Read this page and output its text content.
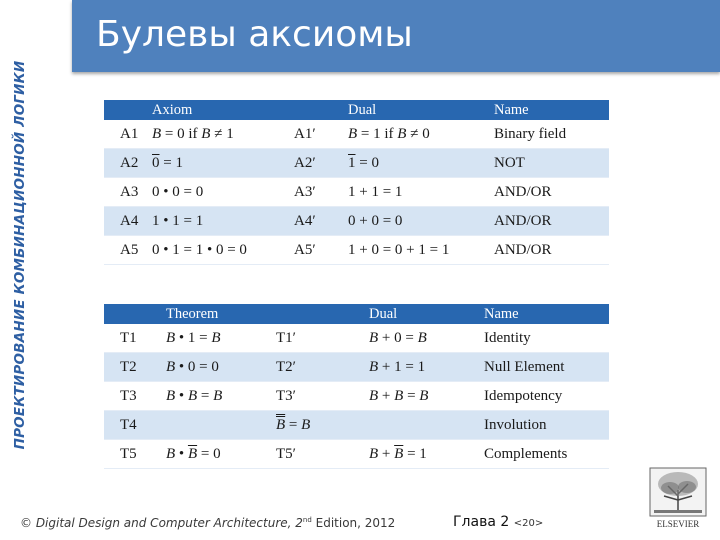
ПРОЕКТИРОВАНИЕ КОМБИНАЦИОННОЙ ЛОГИКИ
Булевы аксиомы
	Axiom		Dual	Name
A1	B = 0 if B ≠ 1	A1′	B = 1 if B ≠ 0	Binary field
A2	0 = 1	A2′	1 = 0	NOT
A3	0 • 0 = 0	A3′	1 + 1 = 1	AND/OR
A4	1 • 1 = 1	A4′	0 + 0 = 0	AND/OR
A5	0 • 1 = 1 • 0 = 0	A5′	1 + 0 = 0 + 1 = 1	AND/OR
	Theorem		Dual	Name
T1	B • 1 = B	T1′	B + 0 = B	Identity
T2	B • 0 = 0	T2′	B + 1 = 1	Null Element
T3	B • B = B	T3′	B + B = B	Idempotency
T4		B = B		Involution
T5	B • $\overline{B} = 0$	T5′	$B + \overline{B} = 1$	Complements
© Digital Design and Computer Architecture, 2nd Edition, 2012	Глава 2 <20>	ELSEVIER
